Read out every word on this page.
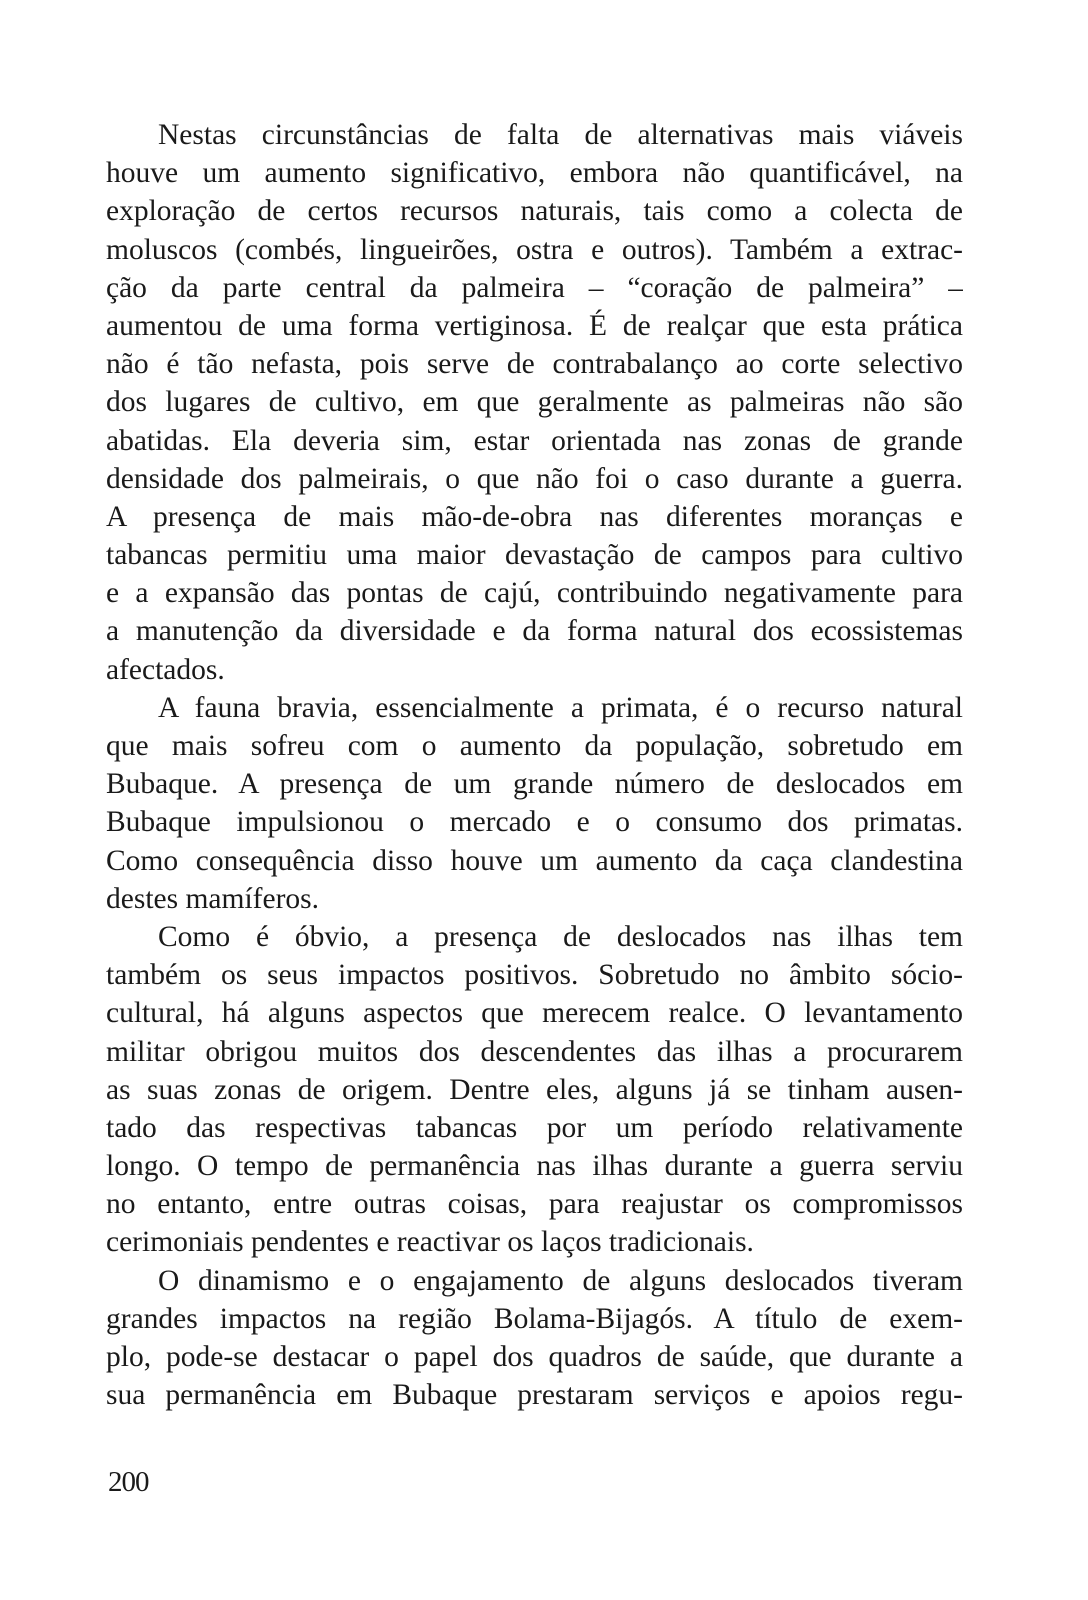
Nestas circunstâncias de falta de alternativas mais viáveis
houve um aumento significativo, embora não quantificável, na
exploração de certos recursos naturais, tais como a colecta de
moluscos (combés, lingueirões, ostra e outros). Também a extrac-
ção da parte central da palmeira – “coração de palmeira” –
aumentou de uma forma vertiginosa. É de realçar que esta prática
não é tão nefasta, pois serve de contrabalanço ao corte selectivo
dos lugares de cultivo, em que geralmente as palmeiras não são
abatidas. Ela deveria sim, estar orientada nas zonas de grande
densidade dos palmeirais, o que não foi o caso durante a guerra.
A presença de mais mão-de-obra nas diferentes moranças e
tabancas permitiu uma maior devastação de campos para cultivo
e a expansão das pontas de cajú, contribuindo negativamente para
a manutenção da diversidade e da forma natural dos ecossistemas
afectados.
A fauna bravia, essencialmente a primata, é o recurso natural
que mais sofreu com o aumento da população, sobretudo em
Bubaque. A presença de um grande número de deslocados em
Bubaque impulsionou o mercado e o consumo dos primatas.
Como consequência disso houve um aumento da caça clandestina
destes mamíferos.
Como é óbvio, a presença de deslocados nas ilhas tem
também os seus impactos positivos. Sobretudo no âmbito sócio-
cultural, há alguns aspectos que merecem realce. O levantamento
militar obrigou muitos dos descendentes das ilhas a procurarem
as suas zonas de origem. Dentre eles, alguns já se tinham ausen-
tado das respectivas tabancas por um período relativamente
longo. O tempo de permanência nas ilhas durante a guerra serviu
no entanto, entre outras coisas, para reajustar os compromissos
cerimoniais pendentes e reactivar os laços tradicionais.
O dinamismo e o engajamento de alguns deslocados tiveram
grandes impactos na região Bolama-Bijagós. A título de exem-
plo, pode-se destacar o papel dos quadros de saúde, que durante a
sua permanência em Bubaque prestaram serviços e apoios regu-
200
